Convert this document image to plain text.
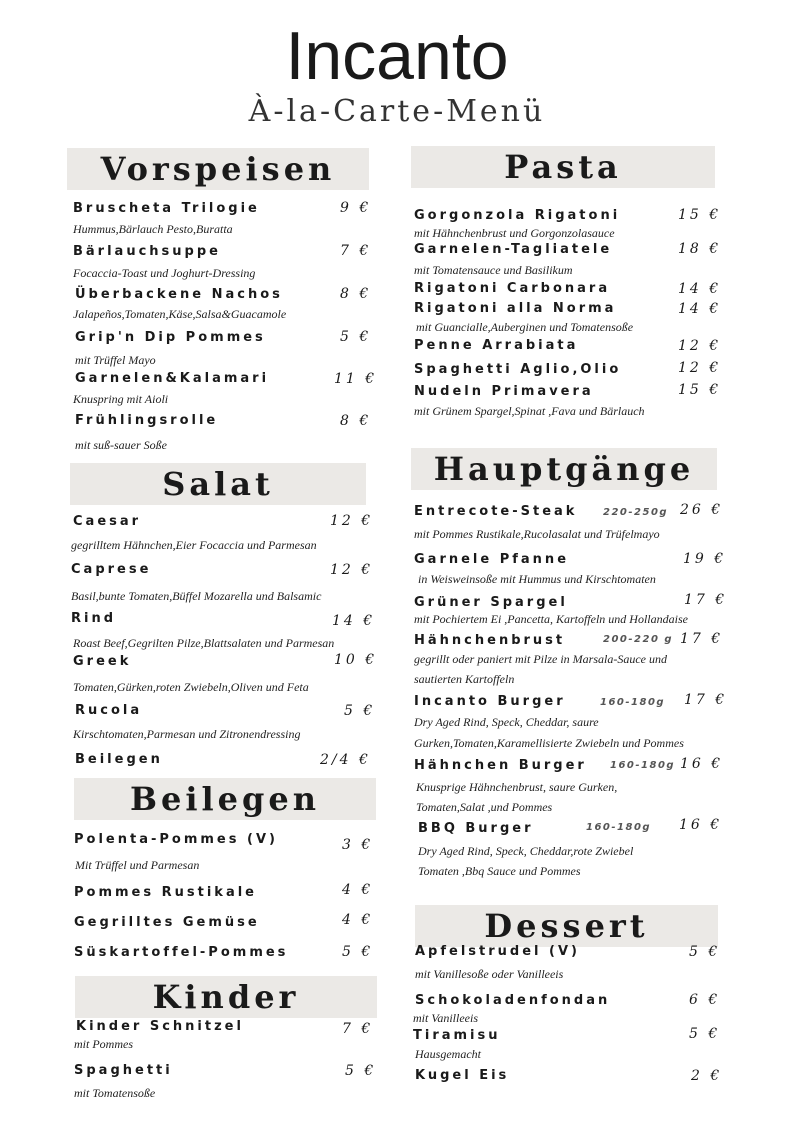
Incanto
À-la-Carte-Menü
Vorspeisen
Bruscheta Trilogie	9 €
Hummus,Bärlauch Pesto,Buratta
Bärlauchsuppe	7 €
Focaccia-Toast und Joghurt-Dressing
Überbackene Nachos	8 €
Jalapeños,Tomaten,Käse,Salsa&Guacamole
Grip'n Dip Pommes	5 €
mit Trüffel Mayo
Garnelen&Kalamari	11 €
Knuspring mit Aioli
Frühlingsrolle	8 €
mit suß-sauer Soße
Salat
Caesar	12 €
gegrilltem Hähnchen,Eier Focaccia und Parmesan
Caprese	12 €
Basil,bunte Tomaten,Büffel Mozarella und Balsamic
Rind	14 €
Roast Beef,Gegrilten Pilze,Blattsalaten und Parmesan
Greek	10 €
Tomaten,Gürken,roten Zwiebeln,Oliven und Feta
Rucola	5 €
Kirschtomaten,Parmesan und Zitronendressing
Beilegen	2/4 €
Beilegen
Polenta-Pommes (V)	3 €
Mit Trüffel und Parmesan
Pommes Rustikale	4 €
Gegrilltes Gemüse	4 €
Süskartoffel-Pommes	5 €
Kinder
Kinder Schnitzel	7 €
mit Pommes
Spaghetti	5 €
mit Tomatensoße
Pasta
Gorgonzola Rigatoni	15 €
mit Hähnchenbrust und Gorgonzolasauce
Garnelen-Tagliatele	18 €
mit Tomatensauce und Basilikum
Rigatoni Carbonara	14 €
Rigatoni alla Norma	14 €
mit Guancialle,Auberginen und Tomatensoße
Penne Arrabiata	12 €
Spaghetti Aglio,Olio	12 €
Nudeln Primavera	15 €
mit Grünem Spargel,Spinat ,Fava und Bärlauch
Hauptgänge
Entrecote-Steak	220-250g 26 €
mit Pommes Rustikale,Rucolasalat und Trüfelmayo
Garnele Pfanne	19 €
in Weisweinsoße mit Hummus und Kirschtomaten
Grüner Spargel	17 €
mit Pochiertem Ei ,Pancetta, Kartoffeln und Hollandaise
Hähnchenbrust	200-220 g 17 €
gegrillt oder paniert mit Pilze in Marsala-Sauce und
sautierten Kartoffeln
Incanto Burger	160-180g 17 €
Dry Aged Rind, Speck, Cheddar, saure
Gurken,Tomaten,Karamellisierte Zwiebeln und Pommes
Hähnchen Burger 160-180g 16 €
Knusprige Hähnchenbrust, saure Gurken,
Tomaten,Salat ,und Pommes
BBQ Burger	160-180g 16 €
Dry Aged Rind, Speck, Cheddar,rote Zwiebel
Tomaten ,Bbq Sauce und Pommes
Dessert
Apfelstrudel (V)	5 €
mit Vanillesoße oder Vanilleeis
Schokoladenfondan	6 €
mit Vanilleeis
Tiramisu	5 €
Hausgemacht
Kugel Eis	2 €
